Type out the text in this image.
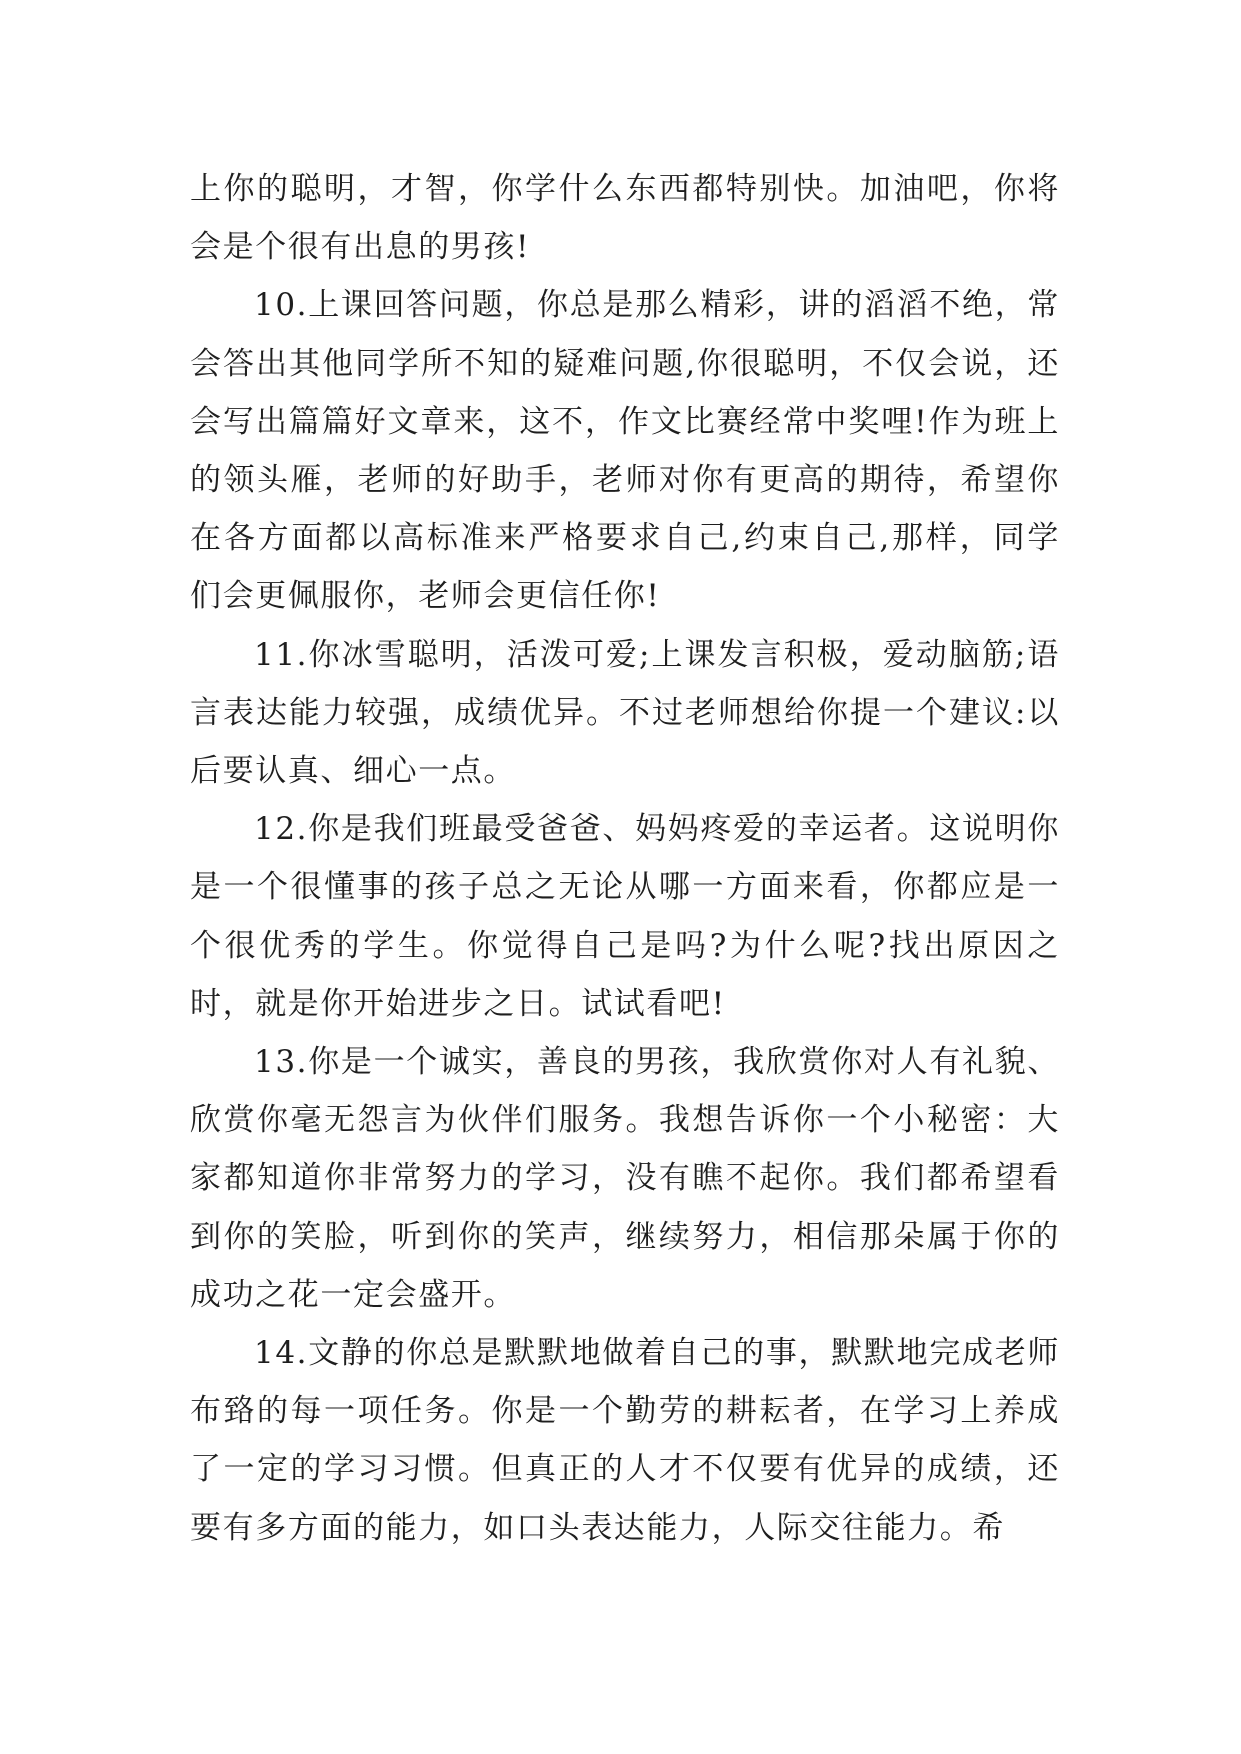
上你的聪明，才智，你学什么东西都特别快。加油吧，你将会是个很有出息的男孩!

10.上课回答问题，你总是那么精彩，讲的滔滔不绝，常会答出其他同学所不知的疑难问题,你很聪明，不仅会说，还会写出篇篇好文章来，这不，作文比赛经常中奖哩!作为班上的领头雁，老师的好助手，老师对你有更高的期待，希望你在各方面都以高标准来严格要求自己,约束自己,那样，同学们会更佩服你，老师会更信任你!

11.你冰雪聪明，活泼可爱;上课发言积极，爱动脑筋;语言表达能力较强，成绩优异。不过老师想给你提一个建议:以后要认真、细心一点。

12.你是我们班最受爸爸、妈妈疼爱的幸运者。这说明你是一个很懂事的孩子总之无论从哪一方面来看，你都应是一个很优秀的学生。你觉得自己是吗?为什么呢?找出原因之时，就是你开始进步之日。试试看吧!

13.你是一个诚实，善良的男孩，我欣赏你对人有礼貌、欣赏你毫无怨言为伙伴们服务。我想告诉你一个小秘密：大家都知道你非常努力的学习，没有瞧不起你。我们都希望看到你的笑脸，听到你的笑声，继续努力，相信那朵属于你的成功之花一定会盛开。

14.文静的你总是默默地做着自己的事，默默地完成老师布臵的每一项任务。你是一个勤劳的耕耘者，在学习上养成了一定的学习习惯。但真正的人才不仅要有优异的成绩，还要有多方面的能力，如口头表达能力，人际交往能力。希
